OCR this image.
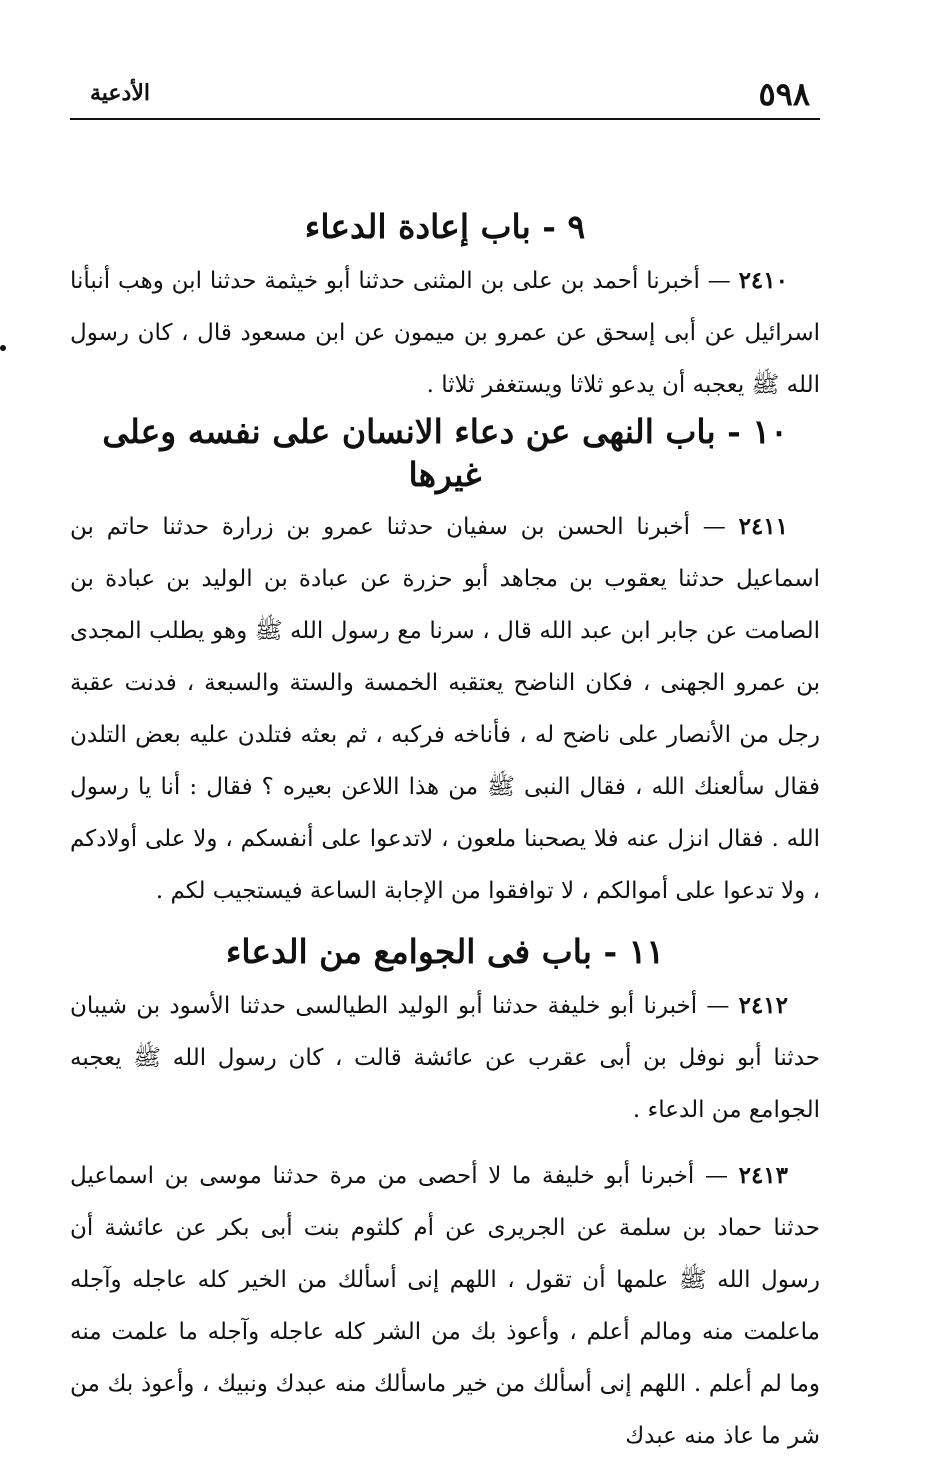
٥٩٨
الأدعية
٩ - باب إعادة الدعاء

٢٤١٠ — أخبرنا أحمد بن على بن المثنى حدثنا أبو خيثمة حدثنا ابن وهب أنبأنا اسرائيل عن أبى إسحق عن عمرو بن ميمون عن ابن مسعود قال ، كان رسول الله ﷺ يعجبه أن يدعو ثلاثا ويستغفر ثلاثا .

١٠ - باب النهى عن دعاء الانسان على نفسه وعلى غيرها

٢٤١١ — أخبرنا الحسن بن سفيان حدثنا عمرو بن زرارة حدثنا حاتم بن اسماعيل حدثنا يعقوب بن مجاهد أبو حزرة عن عبادة بن الوليد بن عبادة بن الصامت عن جابر ابن عبد الله قال ، سرنا مع رسول الله ﷺ وهو يطلب المجدى بن عمرو الجهنى ، فكان الناضح يعتقبه الخمسة والستة والسبعة ، فدنت عقبة رجل من الأنصار على ناضح له ، فأناخه فركبه ، ثم بعثه فتلدن عليه بعض التلدن فقال سألعنك الله ، فقال النبى ﷺ من هذا اللاعن بعيره ؟ فقال : أنا يا رسول الله . فقال انزل عنه فلا يصحبنا ملعون ، لاتدعوا على أنفسكم ، ولا على أولادكم ، ولا تدعوا على أموالكم ، لا توافقوا من الإجابة الساعة فيستجيب لكم .

١١ - باب فى الجوامع من الدعاء

٢٤١٢ — أخبرنا أبو خليفة حدثنا أبو الوليد الطيالسى حدثنا الأسود بن شيبان حدثنا أبو نوفل بن أبى عقرب عن عائشة قالت ، كان رسول الله ﷺ يعجبه الجوامع من الدعاء .

٢٤١٣ — أخبرنا أبو خليفة ما لا أحصى من مرة حدثنا موسى بن اسماعيل حدثنا حماد بن سلمة عن الجريرى عن أم كلثوم بنت أبى بكر عن عائشة أن رسول الله ﷺ علمها أن تقول ، اللهم إنى أسألك من الخير كله عاجله وآجله ماعلمت منه ومالم أعلم ، وأعوذ بك من الشر كله عاجله وآجله ما علمت منه وما لم أعلم . اللهم إنى أسألك من خير ماسألك منه عبدك ونبيك ، وأعوذ بك من شر ما عاذ منه عبدك
